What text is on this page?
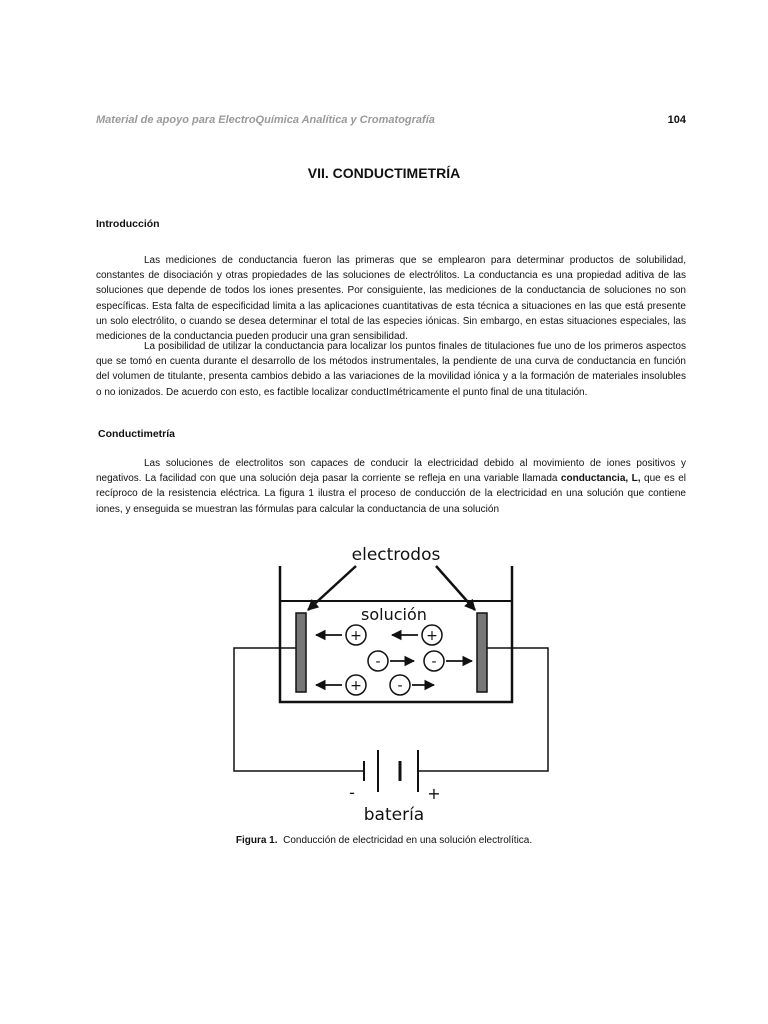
Material de apoyo para ElectroQuímica Analítica y Cromatografía	104
VII. CONDUCTIMETRÍA
Introducción

Las mediciones de conductancia fueron las primeras que se emplearon para determinar productos de solubilidad, constantes de disociación y otras propiedades de las soluciones de electrólitos. La conductancia es una propiedad aditiva de las soluciones que depende de todos los iones presentes. Por consiguiente, las mediciones de la conductancia de soluciones no son específicas. Esta falta de especificidad limita a las aplicaciones cuantitativas de esta técnica a situaciones en las que está presente un solo electrólito, o cuando se desea determinar el total de las especies iónicas. Sin embargo, en estas situaciones especiales, las mediciones de la conductancia pueden producir una gran sensibilidad.

La posibilidad de utilizar la conductancia para localizar los puntos finales de titulaciones fue uno de los primeros aspectos que se tomó en cuenta durante el desarrollo de los métodos instrumentales, la pendiente de una curva de conductancia en función del volumen de titulante, presenta cambios debido a las variaciones de la movilidad iónica y a la formación de materiales insolubles o no ionizados. De acuerdo con esto, es factible localizar conductImétricamente el punto final de una titulación.

Conductimetría

Las soluciones de electrolitos son capaces de conducir la electricidad debido al movimiento de iones positivos y negativos. La facilidad con que una solución deja pasar la corriente se refleja en una variable llamada conductancia, L, que es el recíproco de la resistencia eléctrica. La figura 1 ilustra el proceso de conducción de la electricidad en una solución que contiene iones, y enseguida se muestran las fórmulas para calcular la conductancia de una solución

electrodos
solución
+	+
-	-
+	-
-	+
batería
Figura 1. Conducción de electricidad en una solución electrolítica.
